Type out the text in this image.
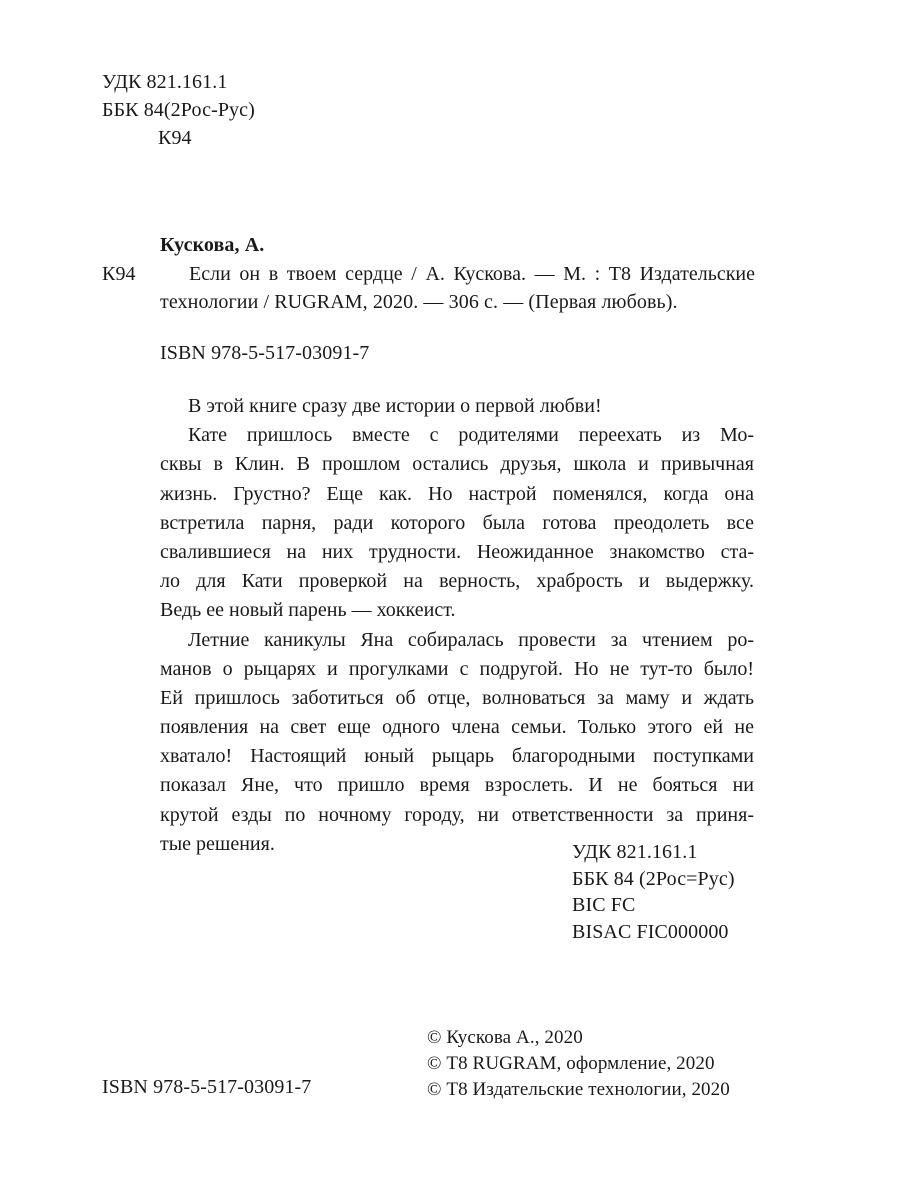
УДК 821.161.1
ББК 84(2Рос-Рус)
К94
Кусковa, А.
К94	Если он в твоем сердце / А. Кускова. — М. : Т8 Издательские
технологии / RUGRAM, 2020. — 306 с. — (Первая любовь).
ISBN 978-5-517-03091-7
В этой книге сразу две истории о первой любви!
Кате пришлось вместе с родителями переехать из Мо-
сквы в Клин. В прошлом остались друзья, школа и привычная
жизнь. Грустно? Еще как. Но настрой поменялся, когда она
встретила парня, ради которого была готова преодолеть все
свалившиеся на них трудности. Неожиданное знакомство ста-
ло для Кати проверкой на верность, храбрость и выдержку.
Ведь ее новый парень — хоккеист.
Летние каникулы Яна собиралась провести за чтением ро-
манов о рыцарях и прогулками с подругой. Но не тут-то было!
Ей пришлось заботиться об отце, волноваться за маму и ждать
появления на свет еще одного члена семьи. Только этого ей не
хватало! Настоящий юный рыцарь благородными поступками
показал Яне, что пришло время взрослеть. И не бояться ни
крутой езды по ночному городу, ни ответственности за приня-
тые решения.	УДК 821.161.1
ББК 84 (2Рос=Рус)
BIC FC
BISAC FIC000000
ISBN 978-5-517-03091-7
© Кускова А., 2020
© Т8 RUGRAM, оформление, 2020
© Т8 Издательские технологии, 2020
